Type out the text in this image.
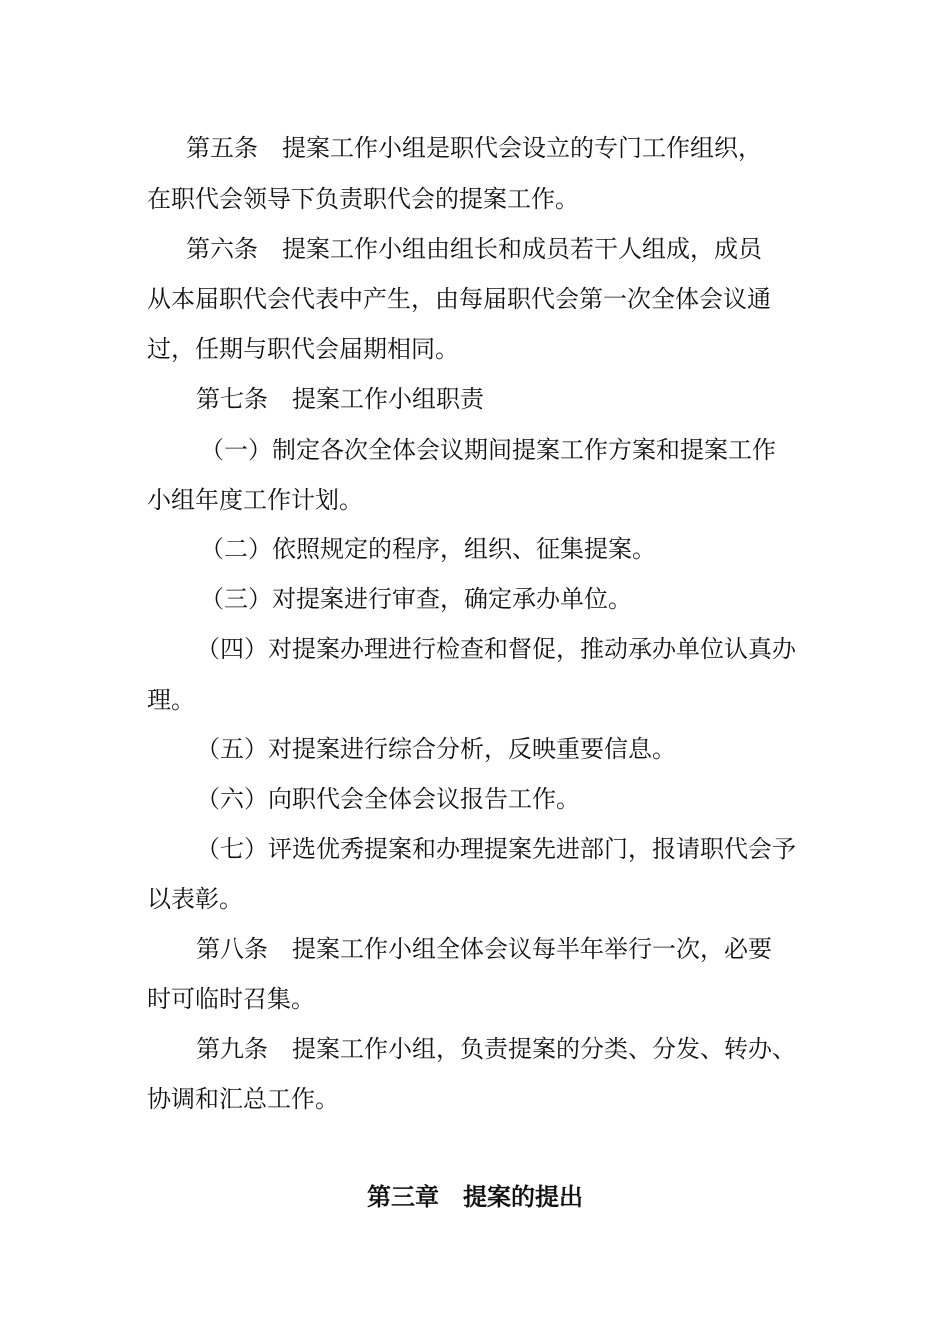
第五条　提案工作小组是职代会设立的专门工作组织，
在职代会领导下负责职代会的提案工作。
第六条　提案工作小组由组长和成员若干人组成，成员
从本届职代会代表中产生，由每届职代会第一次全体会议通
过，任期与职代会届期相同。
第七条　提案工作小组职责
（一）制定各次全体会议期间提案工作方案和提案工作
小组年度工作计划。
（二）依照规定的程序，组织、征集提案。
（三）对提案进行审查，确定承办单位。
（四）对提案办理进行检查和督促，推动承办单位认真办
理。
（五）对提案进行综合分析，反映重要信息。
（六）向职代会全体会议报告工作。
（七）评选优秀提案和办理提案先进部门，报请职代会予
以表彰。
第八条　提案工作小组全体会议每半年举行一次，必要
时可临时召集。
第九条　提案工作小组，负责提案的分类、分发、转办、
协调和汇总工作。
第三章　提案的提出
